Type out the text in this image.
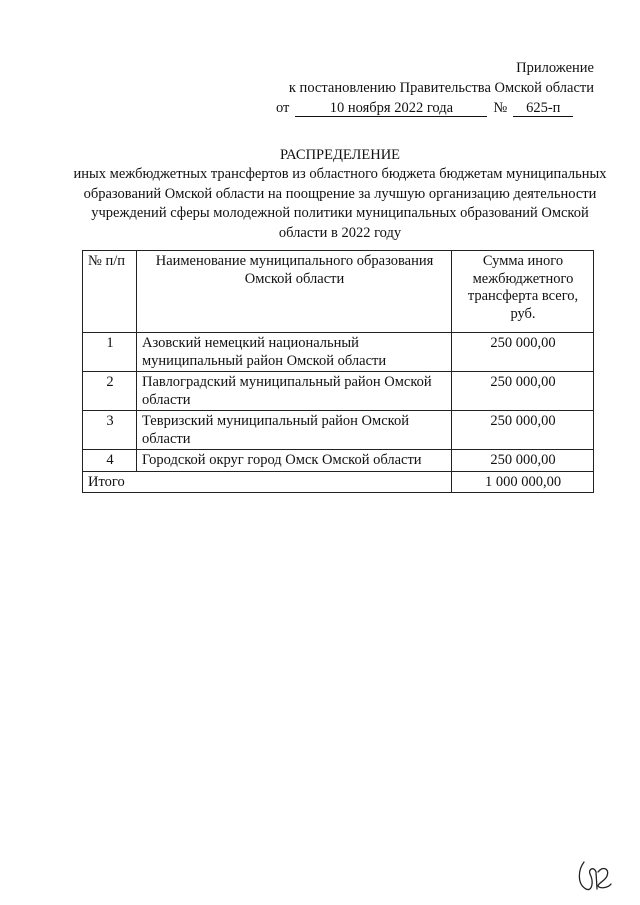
Приложение
к постановлению Правительства Омской области
от	10 ноября 2022 года	№ 625-п
РАСПРЕДЕЛЕНИЕ
иных межбюджетных трансфертов из областного бюджета бюджетам муниципальных образований Омской области на поощрение за лучшую организацию деятельности учреждений сферы молодежной политики муниципальных образований Омской области в 2022 году
№ п/п	Наименование муниципального образования Омской области	Сумма иного межбюджетного трансферта всего, руб.
1	Азовский немецкий национальный муниципальный район Омской области	250 000,00
2	Павлоградский муниципальный район Омской области	250 000,00
3	Тевризский муниципальный район Омской области	250 000,00
4	Городской округ город Омск Омской области	250 000,00
Итого		1 000 000,00
